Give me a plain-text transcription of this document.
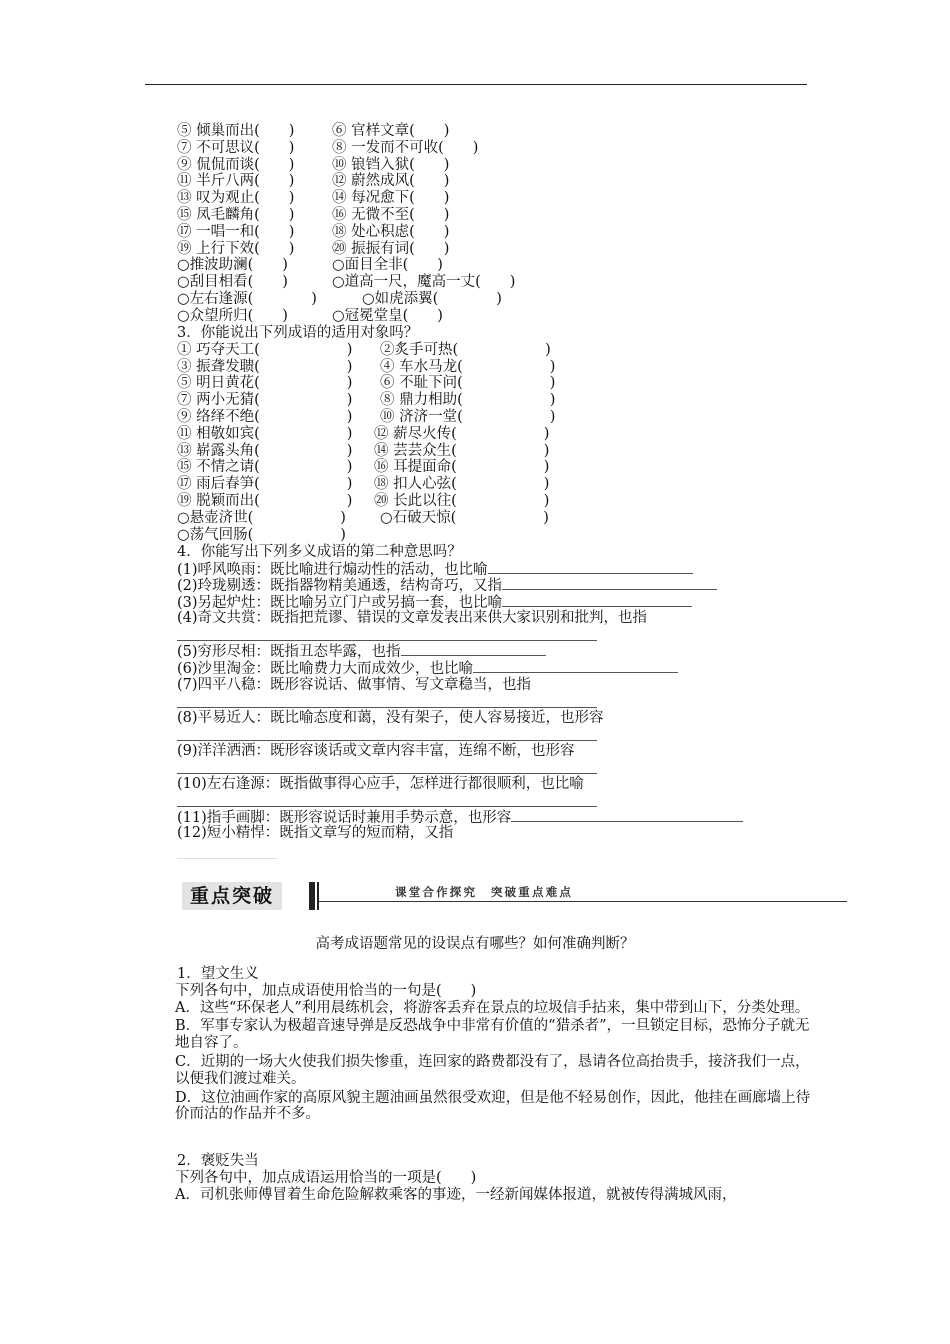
⑤ 倾巢而出(　　)	⑥ 官样文章(　　)
⑦ 不可思议(　　)	⑧ 一发而不可收(　　)
⑨ 侃侃而谈(　　)	⑩ 锒铛入狱(　　)
⑪ 半斤八两(　　)	⑫ 蔚然成风(　　)
⑬ 叹为观止(　　)	⑭ 每况愈下(　　)
⑮ 凤毛麟角(　　)	⑯ 无微不至(　　)
⑰ 一唱一和(　　)	⑱ 处心积虑(　　)
⑲ 上行下效(　　)	⑳ 振振有词(　　)
○推波助澜(　　)	○面目全非(　　)
○刮目相看(　　)	○道高一尺，魔高一丈(　　)
○左右逢源(　　　　)	○如虎添翼(　　　　)
○众望所归(　　)	○冠冕堂皇(　　)
3．你能说出下列成语的适用对象吗？
① 巧夺天工(　　　　　　) ②炙手可热(　　　　　　)
③ 振聋发聩(　　　　　　) ④ 车水马龙(　　　　　　)
⑤ 明日黄花(　　　　　　) ⑥ 不耻下问(　　　　　　)
⑦ 两小无猜(　　　　　　) ⑧ 鼎力相助(　　　　　　)
⑨ 络绎不绝(　　　　　　) ⑩ 济济一堂(　　　　　　)
⑪ 相敬如宾(　　　　　　) ⑫ 薪尽火传(　　　　　　)
⑬ 崭露头角(　　　　　　) ⑭ 芸芸众生(　　　　　　)
⑮ 不情之请(　　　　　　) ⑯ 耳提面命(　　　　　　)
⑰ 雨后春笋(　　　　　　) ⑱ 扣人心弦(　　　　　　)
⑲ 脱颖而出(　　　　　　) ⑳ 长此以往(　　　　　　)
○悬壶济世(　　　　　　) ○石破天惊(　　　　　　)
○荡气回肠(　　　　　　)
4．你能写出下列多义成语的第二种意思吗？
(1)呼风唤雨：既比喻进行煽动性的活动，也比喻
(2)玲珑剔透：既指器物精美通透，结构奇巧，又指
(3)另起炉灶：既比喻另立门户或另搞一套，也比喻
(4)奇文共赏：既指把荒谬、错误的文章发表出来供大家识别和批判，也指
(5)穷形尽相：既指丑态毕露，也指
(6)沙里淘金：既比喻费力大而成效少，也比喻
(7)四平八稳：既形容说话、做事情、写文章稳当，也指
(8)平易近人：既比喻态度和蔼，没有架子，使人容易接近，也形容
(9)洋洋洒洒：既形容谈话或文章内容丰富，连绵不断，也形容
(10)左右逢源：既指做事得心应手，怎样进行都很顺利，也比喻
(11)指手画脚：既形容说话时兼用手势示意，也形容
(12)短小精悍：既指文章写的短而精，又指
重点突破	课堂合作探究　突破重点难点
高考成语题常见的设误点有哪些？如何准确判断？
1．望文生义
下列各句中，加点成语使用恰当的一句是(　　)
A．这些“环保老人”利用晨练机会，将游客丢弃在景点的垃圾信手拈来，集中带到山下，分类处理。
B．军事专家认为极超音速导弹是反恐战争中非常有价值的“猎杀者”，一旦锁定目标，恐怖分子就无地自容了。
C．近期的一场大火使我们损失惨重，连回家的路费都没有了，恳请各位高抬贵手，接济我们一点，以便我们渡过难关。
D．这位油画作家的高原风貌主题油画虽然很受欢迎，但是他不轻易创作，因此，他挂在画廊墙上待价而沽的作品并不多。
2．褒贬失当
下列各句中，加点成语运用恰当的一项是(　　)
A．司机张师傅冒着生命危险解救乘客的事迹，一经新闻媒体报道，就被传得满城风雨，
